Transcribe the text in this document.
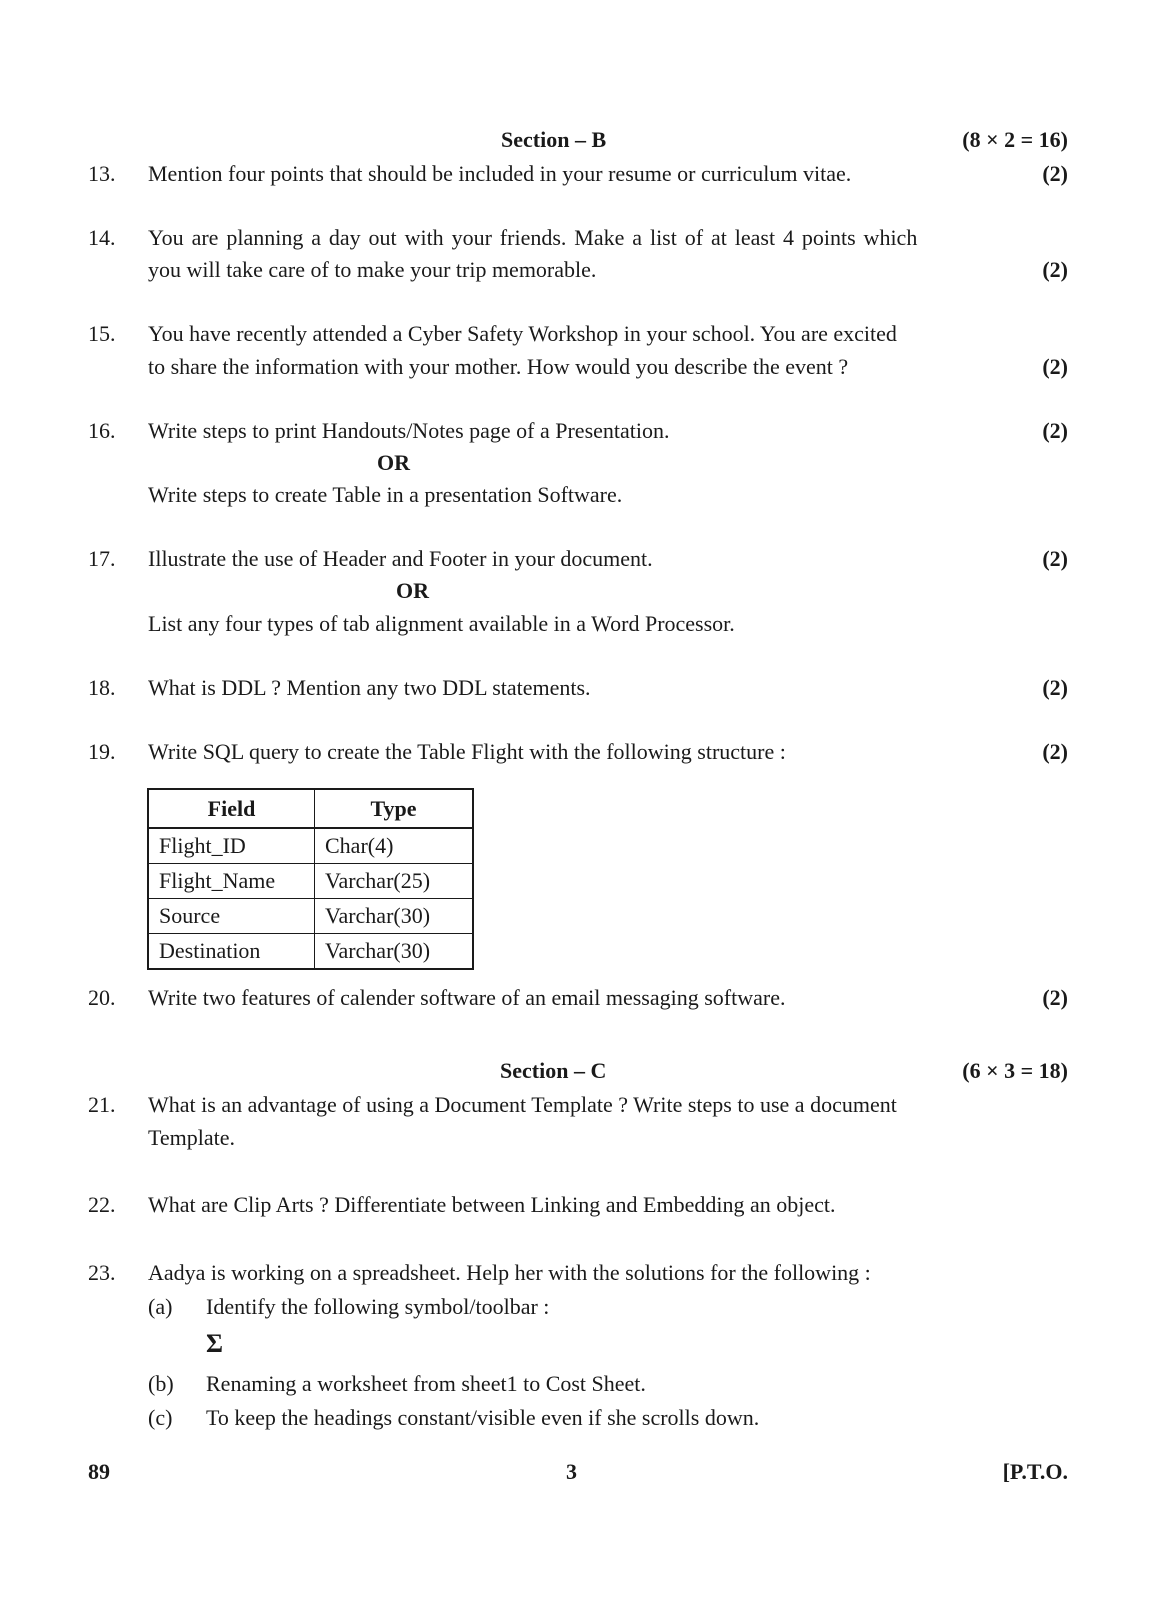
Section – B	(8 × 2 = 16)
13. Mention four points that should be included in your resume or curriculum vitae.	(2)
14. You are planning a day out with your friends. Make a list of at least 4 points which
you will take care of to make your trip memorable.	(2)
15. You have recently attended a Cyber Safety Workshop in your school. You are excited
to share the information with your mother. How would you describe the event ?	(2)
16. Write steps to print Handouts/Notes page of a Presentation.	(2)
OR
Write steps to create Table in a presentation Software.
17. Illustrate the use of Header and Footer in your document.	(2)
OR
List any four types of tab alignment available in a Word Processor.
18. What is DDL ? Mention any two DDL statements.	(2)
19. Write SQL query to create the Table Flight with the following structure :	(2)
Field	Type
Flight_ID	Char(4)
Flight_Name	Varchar(25)
Source	Varchar(30)
Destination	Varchar(30)
20. Write two features of calender software of an email messaging software.	(2)
Section – C	(6 × 3 = 18)
21. What is an advantage of using a Document Template ? Write steps to use a document
Template.
22. What are Clip Arts ? Differentiate between Linking and Embedding an object.
23. Aadya is working on a spreadsheet. Help her with the solutions for the following :
(a) Identify the following symbol/toolbar :
Σ
(b) Renaming a worksheet from sheet1 to Cost Sheet.
(c) To keep the headings constant/visible even if she scrolls down.
89	3	[P.T.O.
